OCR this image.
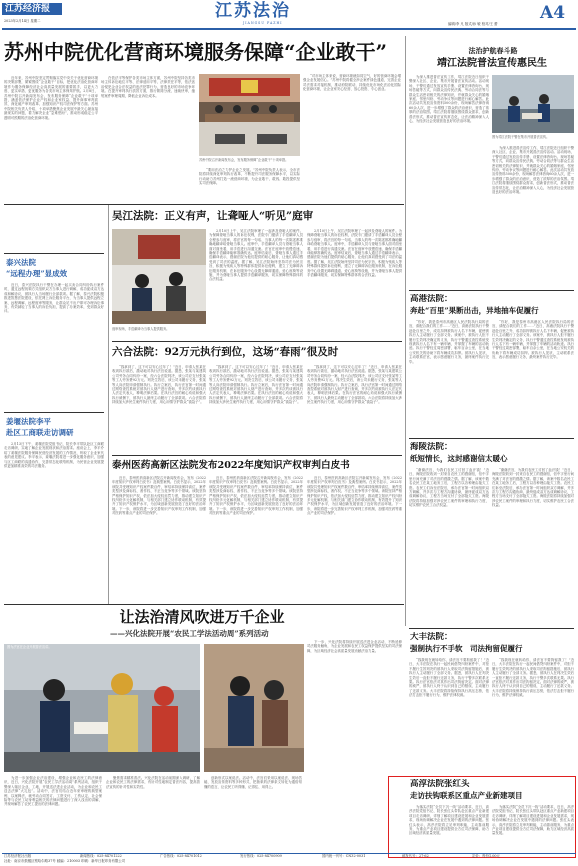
江苏经济报
2023年2月14日 星期二	江苏法治
JIANGSU FAZHI	编辑/李 凡 版式/孙 敏 校对/王 蕾
A4
苏州中院优化营商环境服务保障“企业敢干”

近年来，苏州中院坚定贯彻落实党中央关于优化营商环境的决策部署，紧紧围绕“企业敢干”目标，把优化法治化营商环境作为服务保障经济社会高质量发展的重要抓手，以更大力度、更实举措、更优服务为各类市场主体保驾护航。2月8日，苏州中院召开新闻发布会，发布服务保障“企业敢干”十项举措，涵盖依法保护企业产权和企业家权益、提升商事审判质效、深化破产审判改革、加强知识产权司法保护等方面。苏州中院相关负责人介绍，十项举措聚焦企业发展中最关心最直接最现实的问题，着力解决企业“急难愁盼”，推动形成稳定公平透明可预期的法治化营商环境。

在依法平等保护各类市场主体方面，苏州中院坚持各类市场主体诉讼地位平等、法律适用平等、法律责任平等，依法惩治侵犯企业合法权益的违法犯罪行为，营造良好的市场竞争环境。在提升审判执行质效方面，推行繁简分流、速裁快审，缩短案件审理周期，降低企业诉讼成本。

苏州中院召开新闻发布会，发布服务保障“企业敢干”十项举措。

“要用法治之力护企业之发展。”苏州中院负责人表示，全市法院将持续深化审判执行改革，不断提升司法服务保障水平，以实际行动助力苏州打造一流营商环境，为企业敢干、敢闯、敢投提供坚实司法保障。

“对市场主体来说，营商环境就如同空气，好的营商环境会增强企业发展信心。”苏州中院将健全涉企案件绿色通道，完善企业司法需求对接机制，推动府院联动，持续优化市场化法治化国际化营商环境，让企业家安心经营、放心投资、专心创业。

法治护航春斗路
靖江法院普法宣传惠民生

为深入推进普法宣传工作，靖江法院近日组织干警深入社区、企业、集市开展普法宣传活动。活动现场，干警们通过发放宣传手册、设置法律咨询台、现场答疑等方式，向群众宣传民法典、劳动合同法等与群众生活密切相关的法律知识，并就群众关心的婚姻家庭、邻里纠纷、劳动争议等问题进行耐心解答。此次活动共发放宣传资料500余份，现场解答法律咨询60余人次，进一步增强了群众的法治意识，营造了浓厚的法治氛围。靖江法院将继续围绕群众需求，创新普法形式，推动普法宣传常态化，让法治精神深入人心，为经济社会发展营造良好的法治环境。

图为靖江法院干警在集市开展普法宣传。

为深入推进普法宣传工作，靖江法院近日组织干警深入社区、企业、集市开展普法宣传活动。活动现场，干警们通过发放宣传手册、设置法律咨询台、现场答疑等方式，向群众宣传民法典、劳动合同法等与群众生活密切相关的法律知识，并就群众关心的婚姻家庭、邻里纠纷、劳动争议等问题进行耐心解答。此次活动共发放宣传资料500余份，现场解答法律咨询60余人次，进一步增强了群众的法治意识，营造了浓厚的法治氛围。靖江法院将继续围绕群众需求，创新普法形式，推动普法宣传常态化，让法治精神深入人心，为经济社会发展营造良好的法治环境。

泰兴法院
“远程办理”显成效

近日，泰兴法院执行干警在办理一起买卖合同纠纷执行案件时，通过远程视频方式组织双方当事人进行调解，成功促成双方达成和解协议，被执行人当场履行全部款项。据了解，泰兴法院积极推进智慧法院建设，依托网上诉讼服务平台，为当事人提供远程立案、远程调解、远程庭审等服务，让群众足不出户即可办理诉讼事务，有效减轻了当事人的诉讼负担，提高了办案效率，受到群众好评。

姜堰法院李平
赴区工商联走访调研

2月13日下午，姜堰法院党组书记、院长李平带队赴区工商联走访调研，实地了解企业发展现状和法治需求。座谈会上，李平介绍了姜堰法院服务保障民营经济发展的工作情况，听取了企业家代表的意见建议。李平表示，姜堰法院将进一步强化服务意识，加强与区工商联的沟通协作，完善常态化联络机制，为民营企业发展提供更加精准高效的司法服务。

吴江法院：正义有声，让聋哑人“听见”庭审
庭审现场，手语翻译为当事人提供服务。

2月10日上午，吴江法院审理了一起涉及聋哑人的案件。为保障聋哑当事人的诉讼权利，法院专门邀请了手语翻译人员全程参与庭审，将法官的每一句话、当事人的每一次陈述都准确地翻译给聋哑当事人。庭审中，手语翻译人员与聋哑当事人面对面坐着，用手语进行沟通交流。法官在庭审中放慢语速，确保手语翻译能够准确传达。庭审结束后，聋哑当事人通过手语翻译表示，感谢法院为他们提供的贴心服务，让他们真切感受到了司法的温度。据了解，吴江法院始终坚持司法为民宗旨，积极为残疾人等特殊群体提供诉讼便利，建立了无障碍诉讼服务机制，在诉讼服务中心设置无障碍通道、爱心座椅等设施，并为聋哑当事人提供手语翻译服务，切实保障特殊群体的合法权益。

2月10日上午，吴江法院审理了一起涉及聋哑人的案件。为保障聋哑当事人的诉讼权利，法院专门邀请了手语翻译人员全程参与庭审，将法官的每一句话、当事人的每一次陈述都准确地翻译给聋哑当事人。庭审中，手语翻译人员与聋哑当事人面对面坐着，用手语进行沟通交流。法官在庭审中放慢语速，确保手语翻译能够准确传达。庭审结束后，聋哑当事人通过手语翻译表示，感谢法院为他们提供的贴心服务，让他们真切感受到了司法的温度。据了解，吴江法院始终坚持司法为民宗旨，积极为残疾人等特殊群体提供诉讼便利，建立了无障碍诉讼服务机制，在诉讼服务中心设置无障碍通道、爱心座椅等设施，并为聋哑当事人提供手语翻译服务，切实保障特殊群体的合法权益。

六合法院：92万元执行到位，这场“春雨”很及时

“钱拿到了，这下可以安心过年了！”近日，申请人张某在收到执行款后，激动地对执行法官说道。据悉，张某与某建筑公司劳务合同纠纷一案，经六合法院判决，该公司应支付张某等工人劳务费92万元。判决生效后，该公司未履行义务，张某等人向法院申请强制执行。执行立案后，执行法官第一时间通过网络查控系统对被执行人财产进行查询，并多次约谈被执行人法定代表人，释明法律后果。在执行法官的耐心劝说和强大执行威慑下，被执行人最终主动履行了全部款项。六合法院将持续加大涉民生案件执行力度，用心用情守护群众“钱袋子”。

“钱拿到了，这下可以安心过年了！”近日，申请人张某在收到执行款后，激动地对执行法官说道。据悉，张某与某建筑公司劳务合同纠纷一案，经六合法院判决，该公司应支付张某等工人劳务费92万元。判决生效后，该公司未履行义务，张某等人向法院申请强制执行。执行立案后，执行法官第一时间通过网络查控系统对被执行人财产进行查询，并多次约谈被执行人法定代表人，释明法律后果。在执行法官的耐心劝说和强大执行威慑下，被执行人最终主动履行了全部款项。六合法院将持续加大涉民生案件执行力度，用心用情守护群众“钱袋子”。

“钱拿到了，这下可以安心过年了！”近日，申请人张某在收到执行款后，激动地对执行法官说道。据悉，张某与某建筑公司劳务合同纠纷一案，经六合法院判决，该公司应支付张某等工人劳务费92万元。判决生效后，该公司未履行义务，张某等人向法院申请强制执行。执行立案后，执行法官第一时间通过网络查控系统对被执行人财产进行查询，并多次约谈被执行人法定代表人，释明法律后果。在执行法官的耐心劝说和强大执行威慑下，被执行人最终主动履行了全部款项。六合法院将持续加大涉民生案件执行力度，用心用情守护群众“钱袋子”。

泰州医药高新区法院发布2022年度知识产权审判白皮书

近日，泰州医药高新区法院召开新闻发布会，发布《2022年度知识产权审判白皮书》及典型案例。白皮书显示，2022年该院共受理知识产权案件数百件，审结率持续保持高位，案件类型涉及商标权、著作权、不正当竞争等多个领域。该院坚持严格保护知识产权，依法加大侵权惩罚力度，推动建立知识产权纠纷多元化解机制，与相关部门建立协作联动机制，有效提升了知识产权保护水平，为区域创新发展营造了良好的法治环境。下一步，该院将进一步完善知识产权审判工作机制，加强对医药等重点产业的司法保护。

近日，泰州医药高新区法院召开新闻发布会，发布《2022年度知识产权审判白皮书》及典型案例。白皮书显示，2022年该院共受理知识产权案件数百件，审结率持续保持高位，案件类型涉及商标权、著作权、不正当竞争等多个领域。该院坚持严格保护知识产权，依法加大侵权惩罚力度，推动建立知识产权纠纷多元化解机制，与相关部门建立协作联动机制，有效提升了知识产权保护水平，为区域创新发展营造了良好的法治环境。下一步，该院将进一步完善知识产权审判工作机制，加强对医药等重点产业的司法保护。

近日，泰州医药高新区法院召开新闻发布会，发布《2022年度知识产权审判白皮书》及典型案例。白皮书显示，2022年该院共受理知识产权案件数百件，审结率持续保持高位，案件类型涉及商标权、著作权、不正当竞争等多个领域。该院坚持严格保护知识产权，依法加大侵权惩罚力度，推动建立知识产权纠纷多元化解机制，与相关部门建立协作联动机制，有效提升了知识产权保护水平，为区域创新发展营造了良好的法治环境。下一步，该院将进一步完善知识产权审判工作机制，加强对医药等重点产业的司法保护。

高港法院：
奔赴“百里”果断出击，异地抽车促履行

“你好，我是泰州市高港区人民法院执行局的法官，请配合我们的工作……”近日，高港法院执行干警赶赴百里之外，成功扣押被执行人名下车辆，促使被执行人主动履行了全部义务。该案中，被执行人拒不履行生效判决确定的义务，执行干警通过查控系统发现被执行人名下有一辆车辆，并掌握了车辆的活动轨迹。执行干警经过周密部署，驱车百余公里，在当地公安机关的协助下将车辆成功扣押。被执行人见状，主动联系法官，表示愿意履行义务，最终案件执行完毕。

“你好，我是泰州市高港区人民法院执行局的法官，请配合我们的工作……”近日，高港法院执行干警赶赴百里之外，成功扣押被执行人名下车辆，促使被执行人主动履行了全部义务。该案中，被执行人拒不履行生效判决确定的义务，执行干警通过查控系统发现被执行人名下有一辆车辆，并掌握了车辆的活动轨迹。执行干警经过周密部署，驱车百余公里，在当地公安机关的协助下将车辆成功扣押。被执行人见状，主动联系法官，表示愿意履行义务，最终案件执行完毕。

海陵法院：
纸短情长，这封感谢信太暖心

“谢谢法官，为我们农民工讨回了血汗钱！”近日，海陵法院收到一封来自农民工的感谢信，信中字里行间充满了对法官的感激之情。据了解，该案中数名农民工在某工地务工后，工程方以各种理由拖欠工资。农民工们诉至法院后，承办法官第一时间组织双方调解，并多次与工程方沟通协商，最终促成双方达成调解协议，工程方当场支付了全部拖欠工资。海陵法院将持续加强对涉农民工案件的审理和执行力度，切实维护农民工合法权益。

“谢谢法官，为我们农民工讨回了血汗钱！”近日，海陵法院收到一封来自农民工的感谢信，信中字里行间充满了对法官的感激之情。据了解，该案中数名农民工在某工地务工后，工程方以各种理由拖欠工资。农民工们诉至法院后，承办法官第一时间组织双方调解，并多次与工程方沟通协商，最终促成双方达成调解协议，工程方当场支付了全部拖欠工资。海陵法院将持续加强对涉农民工案件的审理和执行力度，切实维护农民工合法权益。

大丰法院：
强制执行不手软　司法拘留促履行

“钱我现在就转给你，请法官不要拘留我了！”近日，大丰法院在执行一起民间借贷纠纷案件中，对拒不履行生效判决的被执行人采取司法拘留措施后，被执行人主动履行了全部义务。据悉，被执行人在判决生效后一直拒不履行还款义务，执行干警多次联系无果。执行法官依法对其作出司法拘留决定。面对法律的威严，被执行人终于认识到自己的错误，主动履行了还款义务。大丰法院将持续保持执行高压态势，依法打击拒不履行行为，维护法律权威。

“钱我现在就转给你，请法官不要拘留我了！”近日，大丰法院在执行一起民间借贷纠纷案件中，对拒不履行生效判决的被执行人采取司法拘留措施后，被执行人主动履行了全部义务。据悉，被执行人在判决生效后一直拒不履行还款义务，执行干警多次联系无果。执行法官依法对其作出司法拘留决定。面对法律的威严，被执行人终于认识到自己的错误，主动履行了还款义务。大丰法院将持续保持执行高压态势，依法打击拒不履行行为，维护法律权威。

高淳法院张红头
走访扶钩联系区重点产业新建项目

为落实法院“全员下沉一线”活动要求，近日，高淳法院党组书记、院长张红头带队赴区重点产业新建项目走访调研，详细了解项目建设进展和企业发展需求，现场协调解决企业在发展中遇到的法律问题。张红头表示，高淳法院将立足审判职能，主动靠前服务，为重点产业项目建设提供全方位司法保障，助力区域经济高质量发展。

为落实法院“全员下沉一线”活动要求，近日，高淳法院党组书记、院长张红头带队赴区重点产业新建项目走访调研，详细了解项目建设进展和企业发展需求，现场协调解决企业在发展中遇到的法律问题。张红头表示，高淳法院将立足审判职能，主动靠前服务，为重点产业项目建设提供全方位司法保障，助力区域经济高质量发展。

让法治清风吹进万千企业
——兴化法院开展“农民工学法活动周”系列活动
图为法官在企业开展普法宣讲。

为进一步加强企业法治建设，增强企业和农民工的法律意识，近日，兴化法院开展“农民工学法活动周”系列活动，组织干警深入辖区企业、工地，开展送法进企业活动，为企业和农民工送去法律“大礼包”。活动中，法官们结合近年来审理的典型案例，以案释法，就劳动合同签订、工资支付、工伤认定、社会保险等与农民工切身利益相关的法律问题进行了深入浅出的讲解，并现场解答了农民工提出的法律问题。

聚焦需求精准普法。兴化法院在活动前期深入调研，了解企业和农民工的法律需求，有针对性地制定普法内容，提高普法宣传的针对性和实效性。

创新形式以案说法。活动中，法官们采用以案说法、现场答疑、发放宣传资料等多种形式，把抽象的法律条文转化为通俗易懂的语言，让农民工听得懂、记得住、用得上。

下一步，兴化法院将持续开展送法进企业活动，不断延伸司法服务触角，为企业发展和农民工权益保护提供坚实的司法保障，为区域经济社会高质量发展贡献法治力量。

江苏经济报社出版	新闻热线：025-84701222	广告热线：025-84701012	发行热线：025-84700909	国内统一刊号：CN32-0031	邮发代号：27-62	定价：每份1.00元
社址：南京市鼓楼区察哈尔路37号 邮编：210003 印刷：新华日报印务有限公司
